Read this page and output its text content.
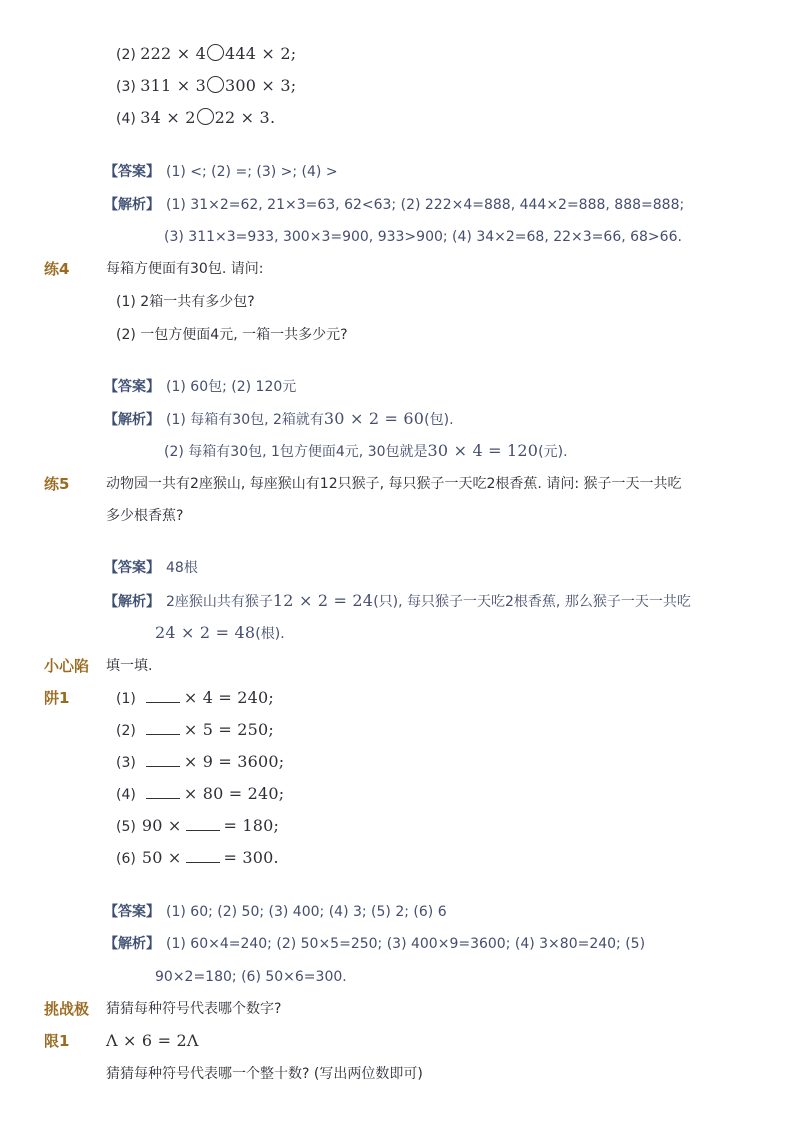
(2) 222 × 4 444 × 2;
(3) 311 × 3 300 × 3;
(4) 34 × 2 22 × 3.
【答案】 (1) <; (2) =; (3) >; (4) >
【解析】 (1) 31×2=62, 21×3=63, 62<63; (2) 222×4=888, 444×2=888, 888=888;
(3) 311×3=933, 300×3=900, 933>900; (4) 34×2=68, 22×3=66, 68>66.
练4	每箱方便面有30包. 请问:
(1) 2箱一共有多少包?
(2) 一包方便面4元, 一箱一共多少元?
【答案】 (1) 60包; (2) 120元
【解析】 (1) 每箱有30包, 2箱就有30 × 2 = 60(包).
(2) 每箱有30包, 1包方便面4元, 30包就是30 × 4 = 120(元).
练5	动物园一共有2座猴山, 每座猴山有12只猴子, 每只猴子一天吃2根香蕉. 请问: 猴子一天一共吃
多少根香蕉?
【答案】 48根
【解析】 2座猴山共有猴子12 × 2 = 24(只), 每只猴子一天吃2根香蕉, 那么猴子一天一共吃
24 × 2 = 48(根).
小心陷
阱1
填一填.
(1)	× 4 = 240;
(2)	× 5 = 250;
(3)	× 9 = 3600;
(4)	× 80 = 240;
(5) 90 ×	= 180;
(6) 50 ×	= 300.
【答案】 (1) 60; (2) 50; (3) 400; (4) 3; (5) 2; (6) 6
【解析】 (1) 60×4=240; (2) 50×5=250; (3) 400×9=3600; (4) 3×80=240; (5)
90×2=180; (6) 50×6=300.
挑战极
限1
猜猜每种符号代表哪个数字?
Λ × 6 = 2Λ
猜猜每种符号代表哪一个整十数? (写出两位数即可)
